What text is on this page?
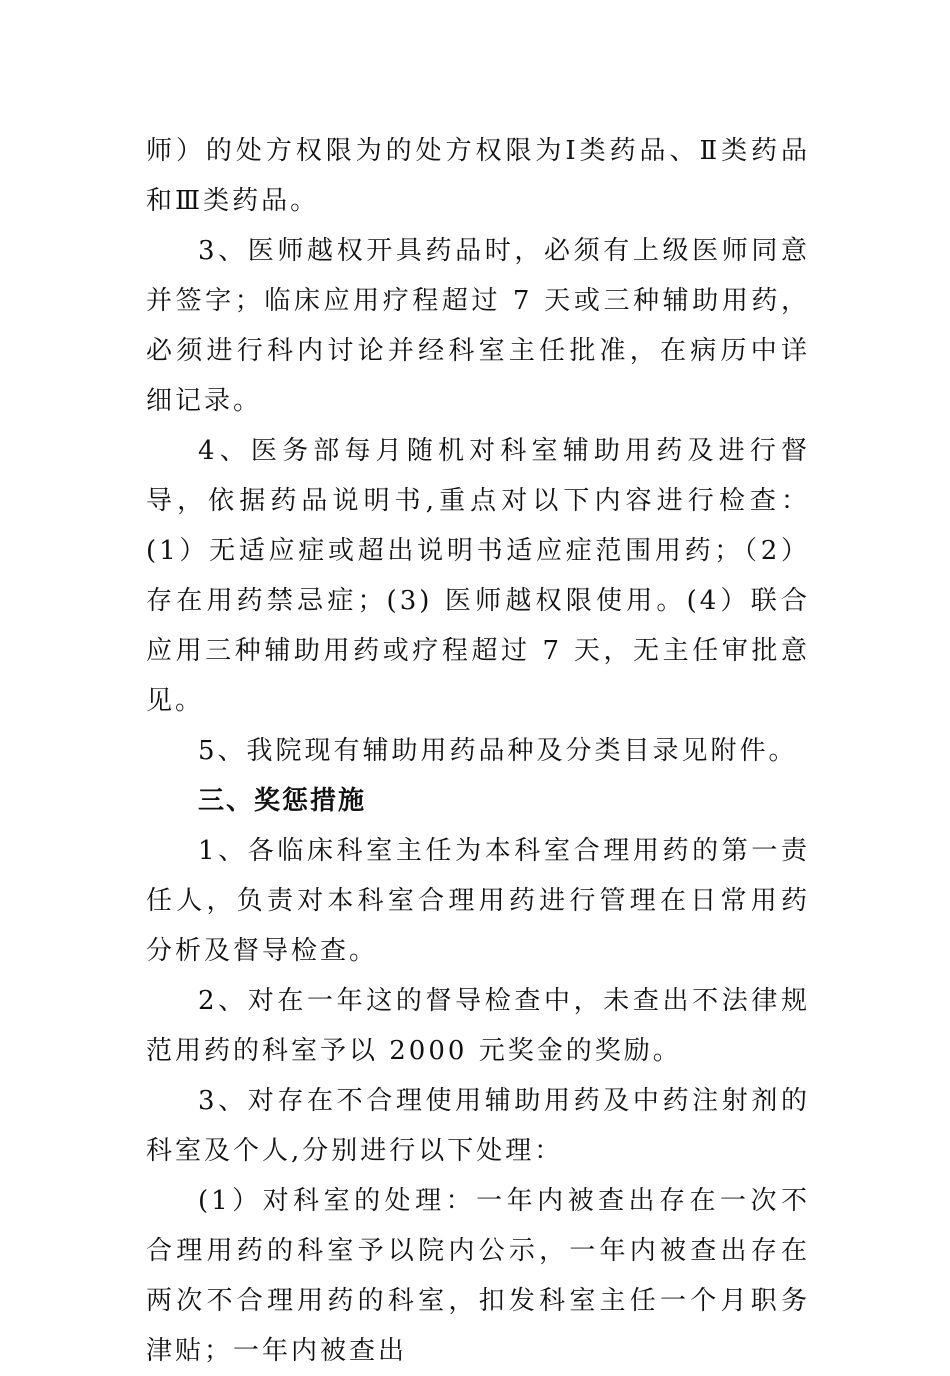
师）的处方权限为的处方权限为Ⅰ类药品、Ⅱ类药品和Ⅲ类药品。

3、医师越权开具药品时，必须有上级医师同意并签字；临床应用疗程超过 7 天或三种辅助用药，必须进行科内讨论并经科室主任批准，在病历中详细记录。

4、医务部每月随机对科室辅助用药及进行督导，依据药品说明书,重点对以下内容进行检查：(1）无适应症或超出说明书适应症范围用药；（2）存在用药禁忌症；(3) 医师越权限使用。(4）联合应用三种辅助用药或疗程超过 7 天，无主任审批意见。

5、我院现有辅助用药品种及分类目录见附件。

三、奖惩措施

1、各临床科室主任为本科室合理用药的第一责任人，负责对本科室合理用药进行管理在日常用药分析及督导检查。

2、对在一年这的督导检查中，未查出不法律规范用药的科室予以 2000 元奖金的奖励。

3、对存在不合理使用辅助用药及中药注射剂的科室及个人,分别进行以下处理：

(1）对科室的处理：一年内被查出存在一次不合理用药的科室予以院内公示，一年内被查出存在两次不合理用药的科室，扣发科室主任一个月职务津贴；一年内被查出
